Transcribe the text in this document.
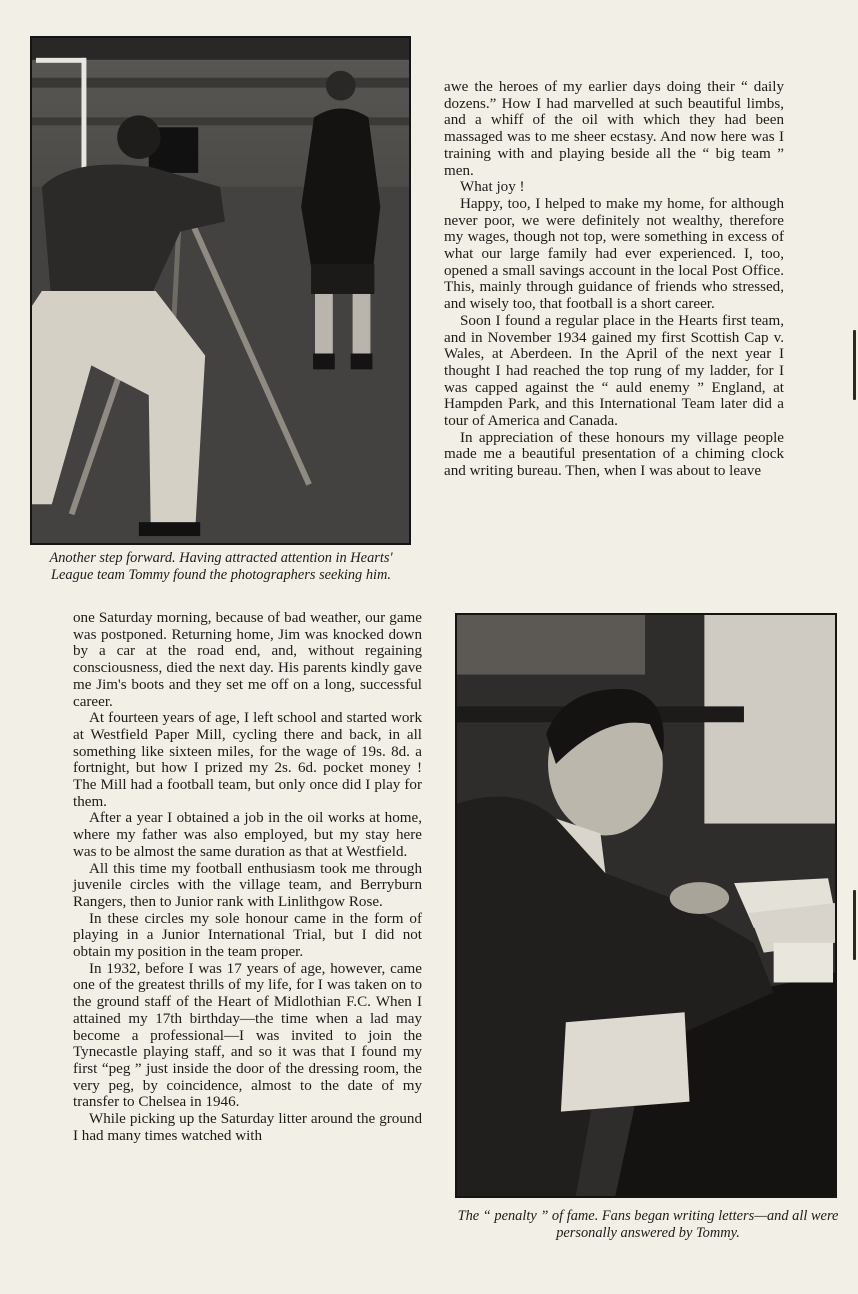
Another step forward. Having attracted attention in Hearts' League team Tommy found the photographers seeking him.

The “ penalty ” of fame. Fans began writing letters—and all were personally answered by Tommy.

awe the heroes of my earlier days doing their “ daily dozens.” How I had marvelled at such beautiful limbs, and a whiff of the oil with which they had been massaged was to me sheer ecstasy. And now here was I training with and playing beside all the “ big team ” men.

What joy !

Happy, too, I helped to make my home, for although never poor, we were definitely not wealthy, therefore my wages, though not top, were something in excess of what our large family had ever experienced. I, too, opened a small savings account in the local Post Office. This, mainly through guidance of friends who stressed, and wisely too, that football is a short career.

Soon I found a regular place in the Hearts first team, and in November 1934 gained my first Scottish Cap v. Wales, at Aberdeen. In the April of the next year I thought I had reached the top rung of my ladder, for I was capped against the “ auld enemy ” England, at Hampden Park, and this International Team later did a tour of America and Canada.

In appreciation of these honours my village people made me a beautiful presentation of a chiming clock and writing bureau. Then, when I was about to leave

one Saturday morning, because of bad weather, our game was postponed. Returning home, Jim was knocked down by a car at the road end, and, without regaining consciousness, died the next day. His parents kindly gave me Jim's boots and they set me off on a long, successful career.

At fourteen years of age, I left school and started work at Westfield Paper Mill, cycling there and back, in all something like sixteen miles, for the wage of 19s. 8d. a fortnight, but how I prized my 2s. 6d. pocket money ! The Mill had a football team, but only once did I play for them.

After a year I obtained a job in the oil works at home, where my father was also employed, but my stay here was to be almost the same duration as that at Westfield.

All this time my football enthusiasm took me through juvenile circles with the village team, and Berryburn Rangers, then to Junior rank with Linlithgow Rose.

In these circles my sole honour came in the form of playing in a Junior International Trial, but I did not obtain my position in the team proper.

In 1932, before I was 17 years of age, however, came one of the greatest thrills of my life, for I was taken on to the ground staff of the Heart of Midlothian F.C. When I attained my 17th birthday—the time when a lad may become a professional—I was invited to join the Tynecastle playing staff, and so it was that I found my first “peg ” just inside the door of the dressing room, the very peg, by coincidence, almost to the date of my transfer to Chelsea in 1946.

While picking up the Saturday litter around the ground I had many times watched with
